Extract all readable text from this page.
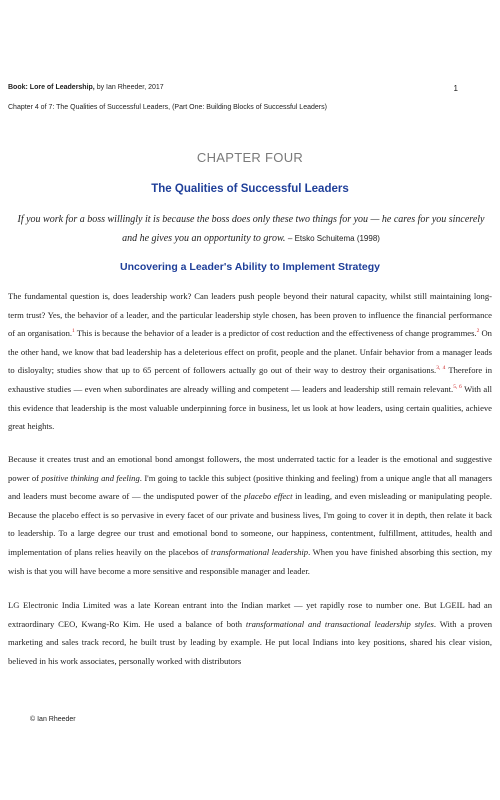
Book: Lore of Leadership, by Ian Rheeder, 2017	1
Chapter 4 of 7: The Qualities of Successful Leaders, (Part One: Building Blocks of Successful Leaders)
CHAPTER FOUR
The Qualities of Successful Leaders
If you work for a boss willingly it is because the boss does only these two things for you — he cares for you sincerely and he gives you an opportunity to grow. – Etsko Schuitema (1998)
Uncovering a Leader's Ability to Implement Strategy
The fundamental question is, does leadership work? Can leaders push people beyond their natural capacity, whilst still maintaining long-term trust? Yes, the behavior of a leader, and the particular leadership style chosen, has been proven to influence the financial performance of an organisation.$^1$ This is because the behavior of a leader is a predictor of cost reduction and the effectiveness of change programmes.$^2$ On the other hand, we know that bad leadership has a deleterious effect on profit, people and the planet. Unfair behavior from a manager leads to disloyalty; studies show that up to 65 percent of followers actually go out of their way to destroy their organisations.$^{3, 4}$ Therefore in exhaustive studies — even when subordinates are already willing and competent — leaders and leadership still remain relevant.$^{5, 6}$ With all this evidence that leadership is the most valuable underpinning force in business, let us look at how leaders, using certain qualities, achieve great heights.
Because it creates trust and an emotional bond amongst followers, the most underrated tactic for a leader is the emotional and suggestive power of positive thinking and feeling. I'm going to tackle this subject (positive thinking and feeling) from a unique angle that all managers and leaders must become aware of — the undisputed power of the placebo effect in leading, and even misleading or manipulating people. Because the placebo effect is so pervasive in every facet of our private and business lives, I'm going to cover it in depth, then relate it back to leadership. To a large degree our trust and emotional bond to someone, our happiness, contentment, fulfillment, attitudes, health and implementation of plans relies heavily on the placebos of transformational leadership. When you have finished absorbing this section, my wish is that you will have become a more sensitive and responsible manager and leader.
LG Electronic India Limited was a late Korean entrant into the Indian market — yet rapidly rose to number one. But LGEIL had an extraordinary CEO, Kwang-Ro Kim. He used a balance of both transformational and transactional leadership styles. With a proven marketing and sales track record, he built trust by leading by example. He put local Indians into key positions, shared his clear vision, believed in his work associates, personally worked with distributors
© Ian Rheeder
